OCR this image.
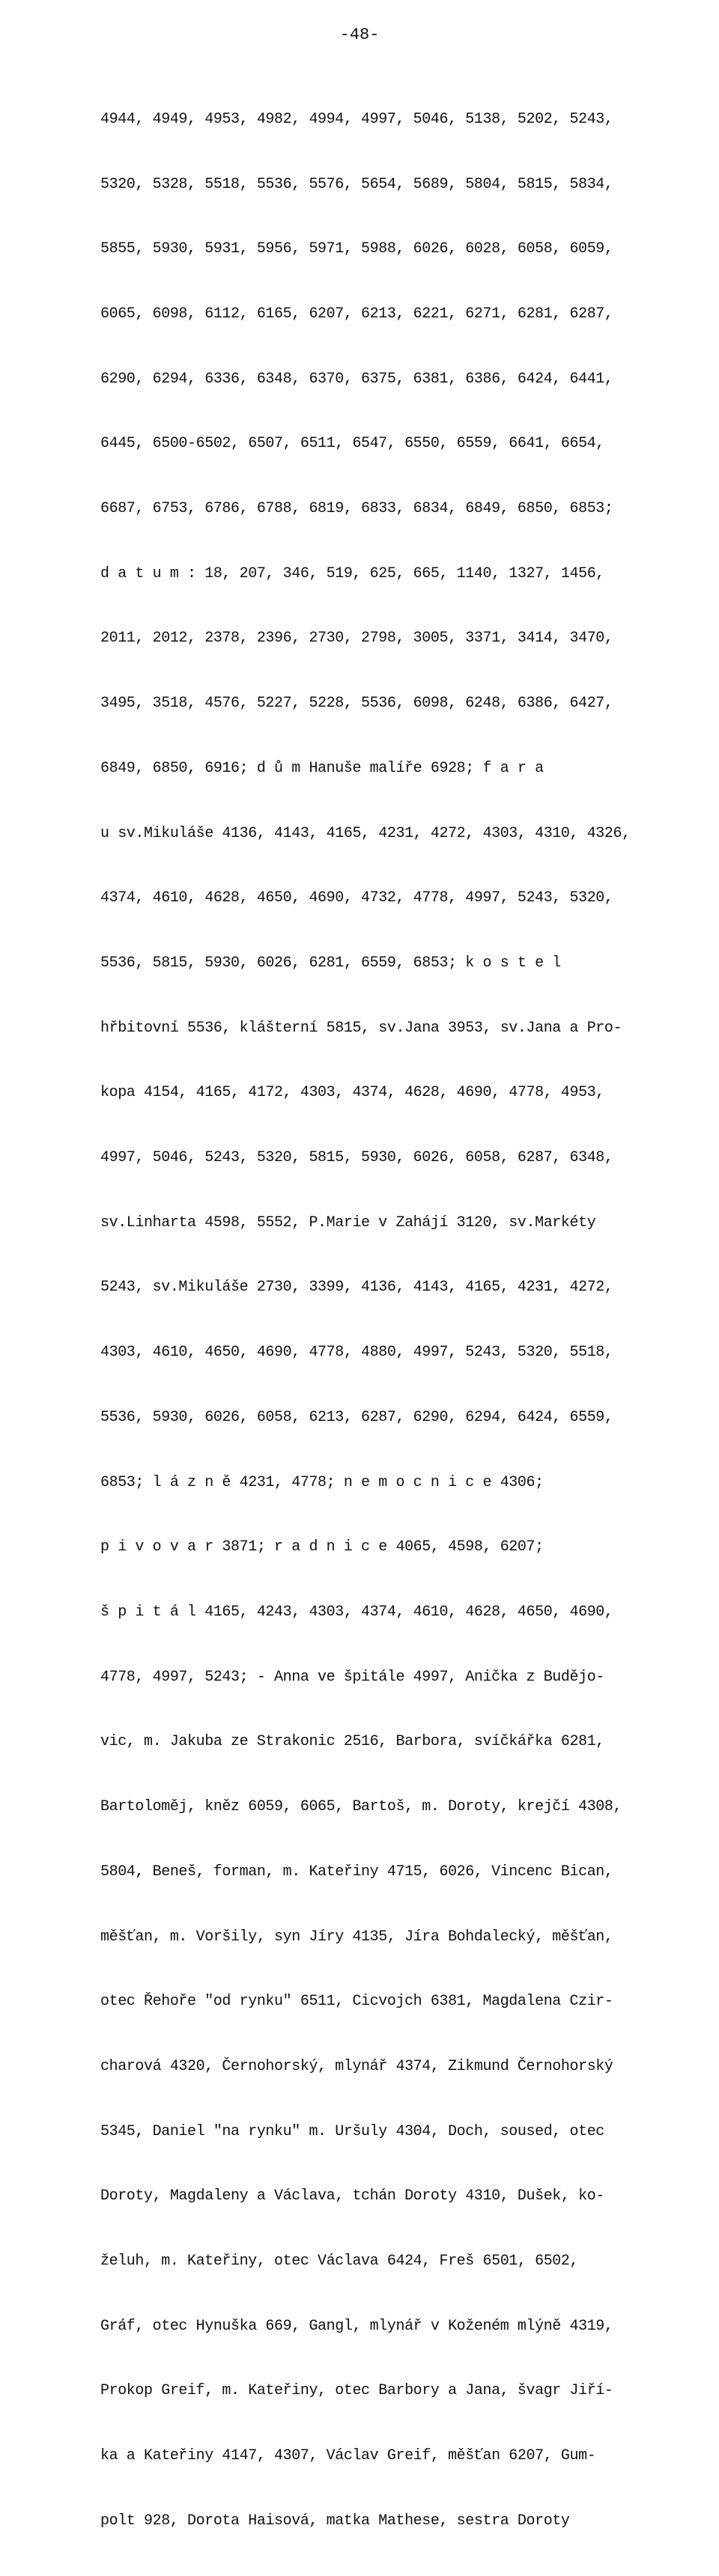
-48-

4944, 4949, 4953, 4982, 4994, 4997, 5046, 5138, 5202, 5243,

5320, 5328, 5518, 5536, 5576, 5654, 5689, 5804, 5815, 5834,

5855, 5930, 5931, 5956, 5971, 5988, 6026, 6028, 6058, 6059,

6065, 6098, 6112, 6165, 6207, 6213, 6221, 6271, 6281, 6287,

6290, 6294, 6336, 6348, 6370, 6375, 6381, 6386, 6424, 6441,

6445, 6500-6502, 6507, 6511, 6547, 6550, 6559, 6641, 6654,

6687, 6753, 6786, 6788, 6819, 6833, 6834, 6849, 6850, 6853;

d a t u m : 18, 207, 346, 519, 625, 665, 1140, 1327, 1456,

2011, 2012, 2378, 2396, 2730, 2798, 3005, 3371, 3414, 3470,

3495, 3518, 4576, 5227, 5228, 5536, 6098, 6248, 6386, 6427,

6849, 6850, 6916; d ů m Hanuše malíře 6928; f a r a

u sv.Mikuláše 4136, 4143, 4165, 4231, 4272, 4303, 4310, 4326,

4374, 4610, 4628, 4650, 4690, 4732, 4778, 4997, 5243, 5320,

5536, 5815, 5930, 6026, 6281, 6559, 6853; k o s t e l

hřbitovní 5536, klášterní 5815, sv.Jana 3953, sv.Jana a Pro-

kopa 4154, 4165, 4172, 4303, 4374, 4628, 4690, 4778, 4953,

4997, 5046, 5243, 5320, 5815, 5930, 6026, 6058, 6287, 6348,

sv.Linharta 4598, 5552, P.Marie v Zahájí 3120, sv.Markéty

5243, sv.Mikuláše 2730, 3399, 4136, 4143, 4165, 4231, 4272,

4303, 4610, 4650, 4690, 4778, 4880, 4997, 5243, 5320, 5518,

5536, 5930, 6026, 6058, 6213, 6287, 6290, 6294, 6424, 6559,

6853; l á z n ě 4231, 4778; n e m o c n i c e 4306;

p i v o v a r 3871; r a d n i c e 4065, 4598, 6207;

š p i t á l 4165, 4243, 4303, 4374, 4610, 4628, 4650, 4690,

4778, 4997, 5243; - Anna ve špitále 4997, Anička z Budějo-

vic, m. Jakuba ze Strakonic 2516, Barbora, svíčkářka 6281,

Bartoloměj, kněz 6059, 6065, Bartoš, m. Doroty, krejčí 4308,

5804, Beneš, forman, m. Kateřiny 4715, 6026, Vincenc Bican,

měšťan, m. Voršily, syn Jíry 4135, Jíra Bohdalecký, měšťan,

otec Řehoře "od rynku" 6511, Cicvojch 6381, Magdalena Czir-

charová 4320, Černohorský, mlynář 4374, Zikmund Černohorský

5345, Daniel "na rynku" m. Uršuly 4304, Doch, soused, otec

Doroty, Magdaleny a Václava, tchán Doroty 4310, Dušek, ko-

želuh, m. Kateřiny, otec Václava 6424, Freš 6501, 6502,

Gráf, otec Hynuška 669, Gangl, mlynář v Koženém mlýně 4319,

Prokop Greif, m. Kateřiny, otec Barbory a Jana, švagr Jiří-

ka a Kateřiny 4147, 4307, Václav Greif, měšťan 6207, Gum-

polt 928, Dorota Haisová, matka Mathese, sestra Doroty
